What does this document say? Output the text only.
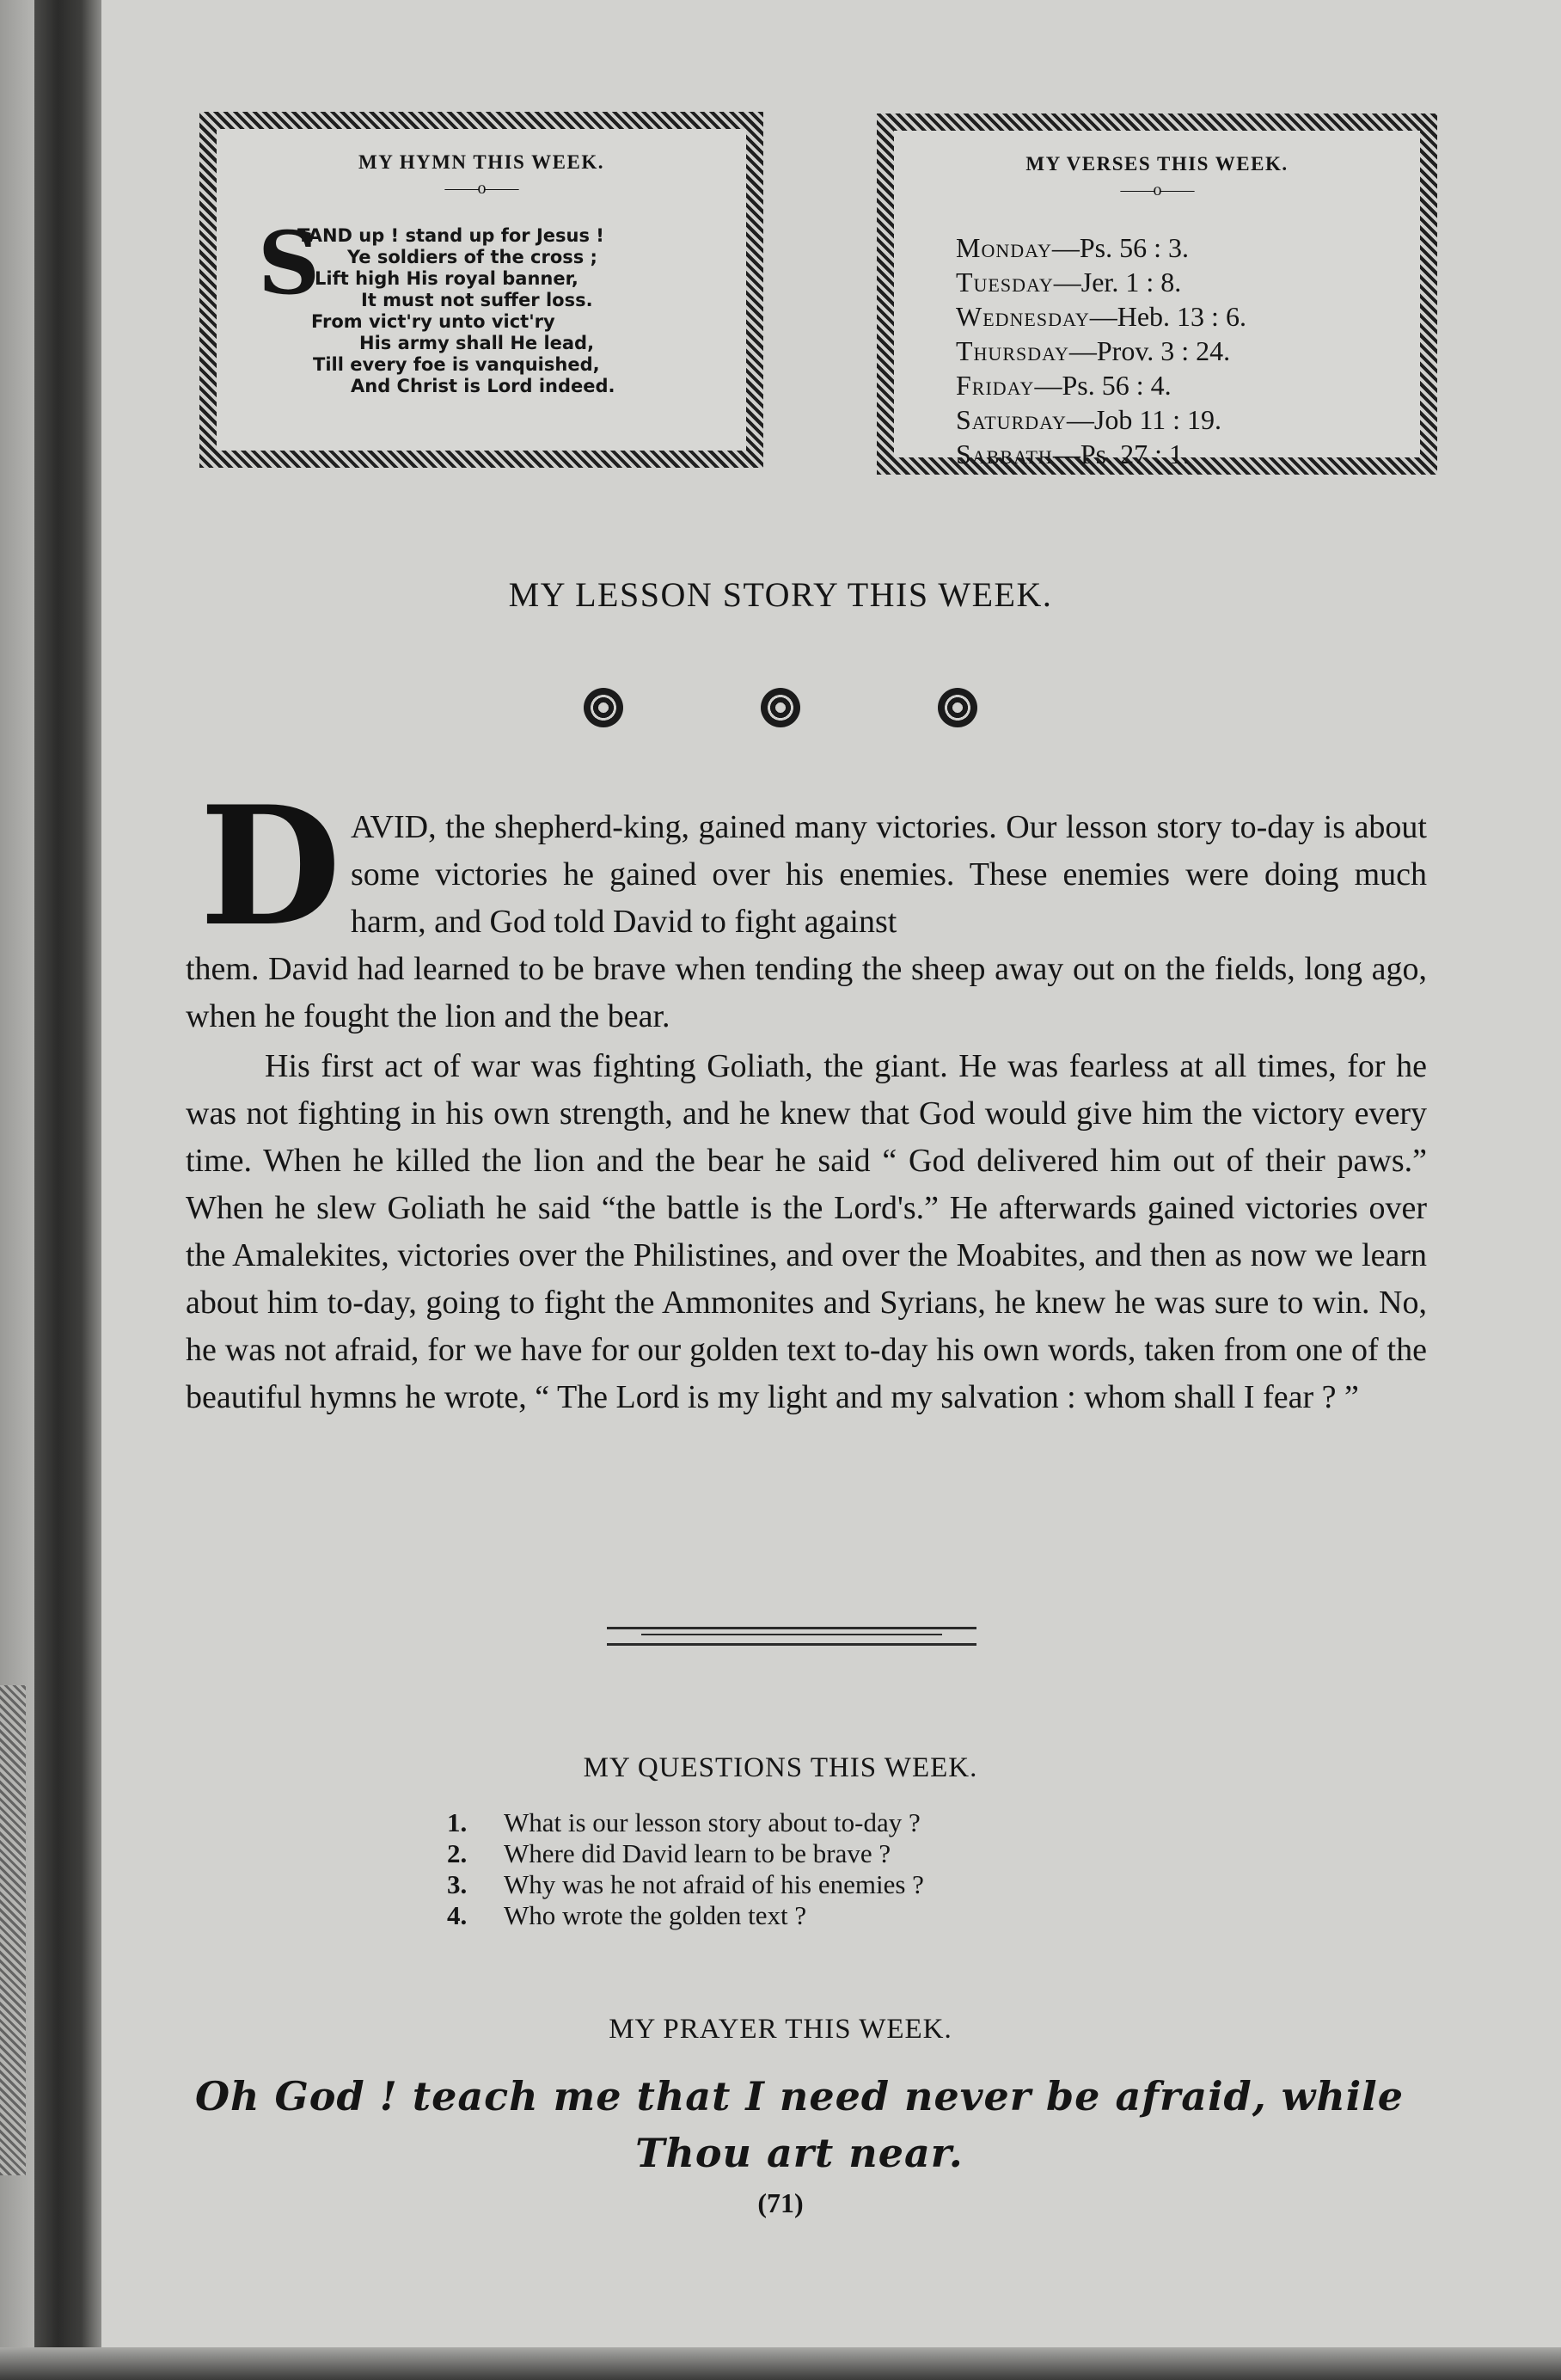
MY HYMN THIS WEEK.
——o——
S
TAND up ! stand up for Jesus !
Ye soldiers of the cross ;
Lift high His royal banner,
It must not suffer loss.
From vict'ry unto vict'ry
His army shall He lead,
Till every foe is vanquished,
And Christ is Lord indeed.
MY VERSES THIS WEEK.
——o——
Monday—Ps. 56 : 3.
Tuesday—Jer. 1 : 8.
Wednesday—Heb. 13 : 6.
Thursday—Prov. 3 : 24.
Friday—Ps. 56 : 4.
Saturday—Job 11 : 19.
Sabbath—Ps. 27 : 1.
MY LESSON STORY THIS WEEK.

D AVID, the shepherd-king, gained many victories. Our lesson story to-day is about some victories he gained over his enemies. These enemies were doing much harm, and God told David to fight against
them. David had learned to be brave when tending the sheep away out on the fields, long ago, when he fought the lion and the bear.
His first act of war was fighting Goliath, the giant. He was fearless at all times, for he was not fighting in his own strength, and he knew that God would give him the victory every time. When he killed the lion and the bear he said “ God delivered him out of their paws.” When he slew Goliath he said “the battle is the Lord's.” He afterwards gained victories over the Amalekites, victories over the Philistines, and over the Moabites, and then as now we learn about him to-day, going to fight the Ammonites and Syrians, he knew he was sure to win. No, he was not afraid, for we have for our golden text to-day his own words, taken from one of the beautiful hymns he wrote, “ The Lord is my light and my salvation : whom shall I fear ? ”
MY QUESTIONS THIS WEEK.
1.	What is our lesson story about to-day ?
2.	Where did David learn to be brave ?
3.	Why was he not afraid of his enemies ?
4.	Who wrote the golden text ?
MY PRAYER THIS WEEK.
Oh God ! teach me that I need never be afraid, while Thou art near.
(71)
